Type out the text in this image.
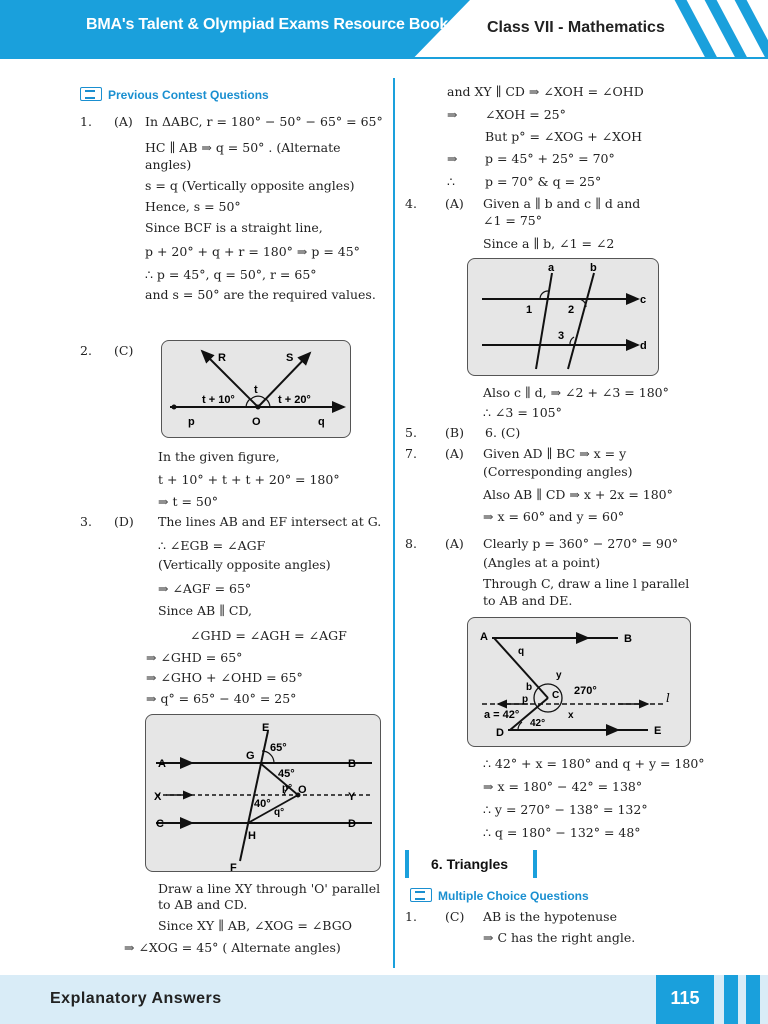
BMA's Talent & Olympiad Exams Resource Book Class VII - Mathematics
Previous Contest Questions
1. (A) In ΔABC, r = 180° − 50° − 65° = 65°
HC ∥ AB ⇒ q = 50° . (Alternate
angles)
s = q (Vertically opposite angles)
Hence, s = 50°
Since BCF is a straight line,
p + 20° + q + r = 180° ⇒ p = 45°
∴ p = 45°, q = 50°, r = 65°
and s = 50° are the required values.
2. (C)	R	S
t
t + 10°	t + 20°
p	O	q
In the given figure,
t + 10° + t + t + 20° = 180°
⇒ t = 50°
3. (D) The lines AB and EF intersect at G.
∴ ∠EGB = ∠AGF
(Vertically opposite angles)
⇒ ∠AGF = 65°
Since AB ∥ CD,
∠GHD = ∠AGH = ∠AGF
⇒ ∠GHD = 65°
⇒ ∠GHO + ∠OHD = 65°
⇒ q° = 65° − 40° = 25°
E
G
65°
45°
A	B
X	Y
p° O
40°
q°
C	D
H
F
Draw a line XY through 'O' parallel
to AB and CD.
Since XY ∥ AB, ∠XOG = ∠BGO
⇒ ∠XOG = 45° ( Alternate angles)
and XY ∥ CD ⇒ ∠XOH = ∠OHD
⇒ ∠XOH = 25°
But p° = ∠XOG + ∠XOH
⇒ p = 45° + 25° = 70°
∴ p = 70° & q = 25°
4. (A) Given a ∥ b and c ∥ d and
∠1 = 75°
Since a ∥ b, ∠1 = ∠2
a	b
c
d
1	2
3
Also c ∥ d, ⇒ ∠2 + ∠3 = 180°
∴ ∠3 = 105°
5. (B) 6. (C)
7. (A) Given AD ∥ BC ⇒ x = y
(Corresponding angles)
Also AB ∥ CD ⇒ x + 2x = 180°
⇒ x = 60° and y = 60°
8. (A) Clearly p = 360° − 270° = 90°
(Angles at a point)
Through C, draw a line l parallel
to AB and DE.
A	B
q
y
b
C 270°
p	l
a = 42°	x
42°
D	E
∴ 42° + x = 180° and q + y = 180°
⇒ x = 180° − 42° = 138°
∴ y = 270° − 138° = 132°
∴ q = 180° − 132° = 48°
6. Triangles
Multiple Choice Questions
1. (C) AB is the hypotenuse
⇒ C has the right angle.
Explanatory Answers	115
